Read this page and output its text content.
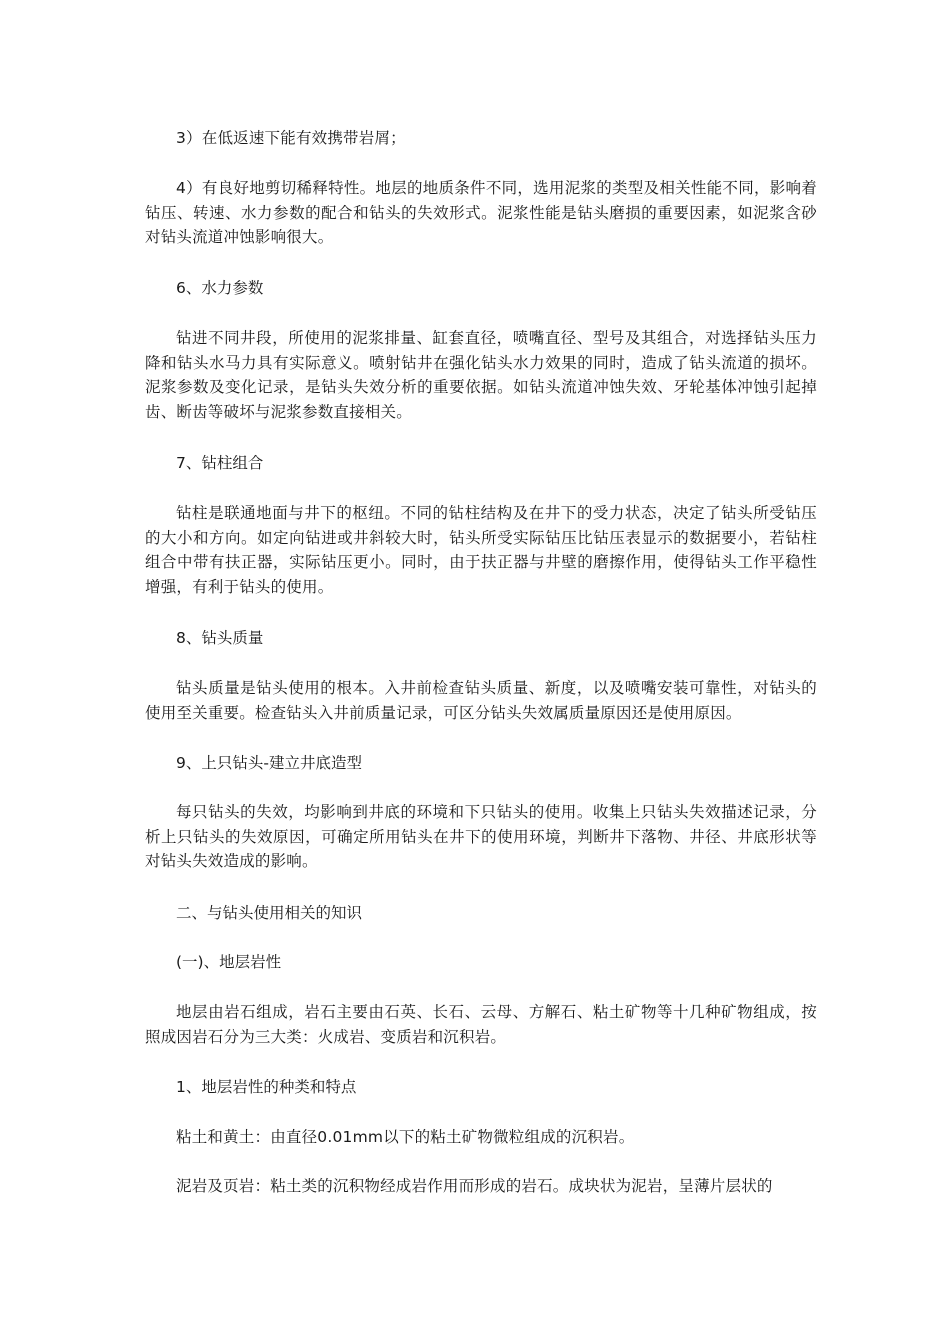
3）在低返速下能有效携带岩屑；

4）有良好地剪切稀释特性。地层的地质条件不同，选用泥浆的类型及相关性能不同，影响着钻压、转速、水力参数的配合和钻头的失效形式。泥浆性能是钻头磨损的重要因素，如泥浆含砂对钻头流道冲蚀影响很大。

6、水力参数

钻进不同井段，所使用的泥浆排量、缸套直径，喷嘴直径、型号及其组合，对选择钻头压力降和钻头水马力具有实际意义。喷射钻井在强化钻头水力效果的同时，造成了钻头流道的损坏。泥浆参数及变化记录，是钻头失效分析的重要依据。如钻头流道冲蚀失效、牙轮基体冲蚀引起掉齿、断齿等破坏与泥浆参数直接相关。

7、钻柱组合

钻柱是联通地面与井下的枢纽。不同的钻柱结构及在井下的受力状态，决定了钻头所受钻压的大小和方向。如定向钻进或井斜较大时，钻头所受实际钻压比钻压表显示的数据要小，若钻柱组合中带有扶正器，实际钻压更小。同时，由于扶正器与井壁的磨擦作用，使得钻头工作平稳性增强，有利于钻头的使用。

8、钻头质量

钻头质量是钻头使用的根本。入井前检查钻头质量、新度，以及喷嘴安装可靠性，对钻头的使用至关重要。检查钻头入井前质量记录，可区分钻头失效属质量原因还是使用原因。

9、上只钻头-建立井底造型

每只钻头的失效，均影响到井底的环境和下只钻头的使用。收集上只钻头失效描述记录，分析上只钻头的失效原因，可确定所用钻头在井下的使用环境，判断井下落物、井径、井底形状等对钻头失效造成的影响。

二、与钻头使用相关的知识

(一)、地层岩性

地层由岩石组成，岩石主要由石英、长石、云母、方解石、粘土矿物等十几种矿物组成，按照成因岩石分为三大类：火成岩、变质岩和沉积岩。

1、地层岩性的种类和特点

粘土和黄土：由直径0.01mm以下的粘土矿物微粒组成的沉积岩。

泥岩及页岩：粘土类的沉积物经成岩作用而形成的岩石。成块状为泥岩，呈薄片层状的
